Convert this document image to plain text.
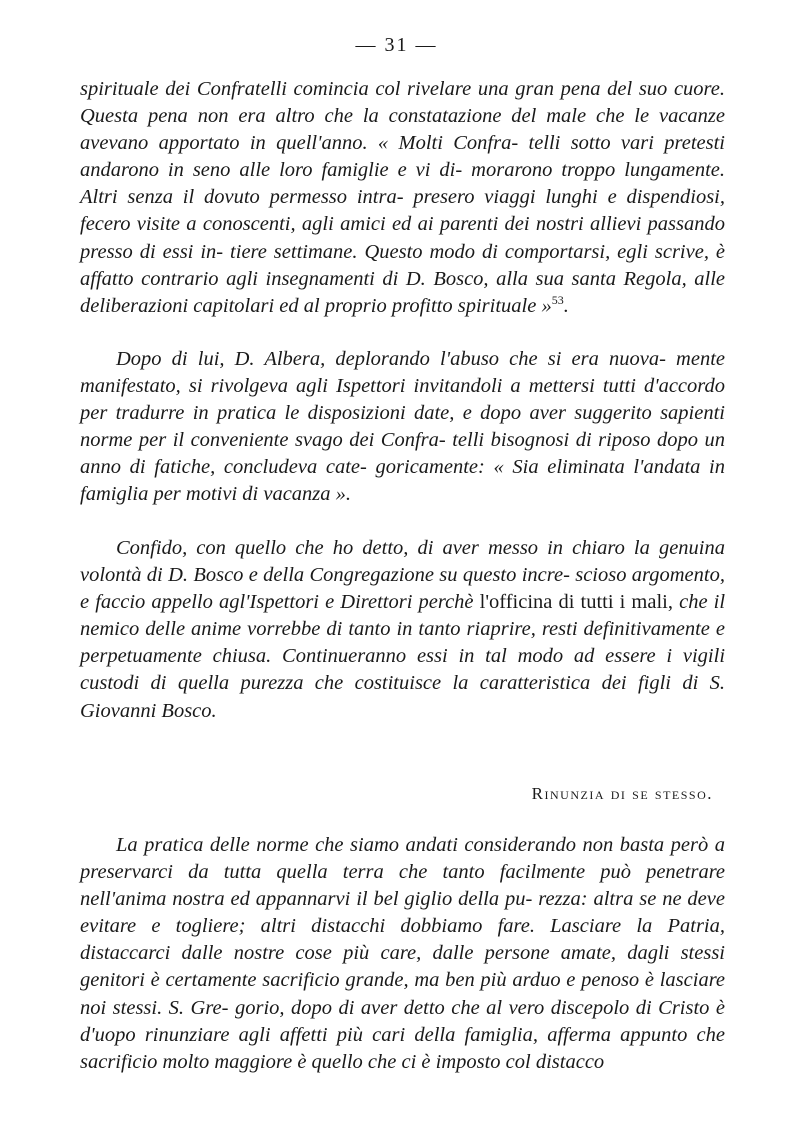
— 31 —

spirituale dei Confratelli comincia col rivelare una gran pena del suo cuore. Questa pena non era altro che la constatazione del male che le vacanze avevano apportato in quell'anno. « Molti Confra- telli sotto vari pretesti andarono in seno alle loro famiglie e vi di- morarono troppo lungamente. Altri senza il dovuto permesso intra- presero viaggi lunghi e dispendiosi, fecero visite a conoscenti, agli amici ed ai parenti dei nostri allievi passando presso di essi in- tiere settimane. Questo modo di comportarsi, egli scrive, è affatto contrario agli insegnamenti di D. Bosco, alla sua santa Regola, alle deliberazioni capitolari ed al proprio profitto spirituale »$^{53}$.

Dopo di lui, D. Albera, deplorando l'abuso che si era nuova- mente manifestato, si rivolgeva agli Ispettori invitandoli a mettersi tutti d'accordo per tradurre in pratica le disposizioni date, e dopo aver suggerito sapienti norme per il conveniente svago dei Confra- telli bisognosi di riposo dopo un anno di fatiche, concludeva cate- goricamente: « Sia eliminata l'andata in famiglia per motivi di vacanza ».

Confido, con quello che ho detto, di aver messo in chiaro la genuina volontà di D. Bosco e della Congregazione su questo incre- scioso argomento, e faccio appello agl'Ispettori e Direttori perchè l'officina di tutti i mali, che il nemico delle anime vorrebbe di tanto in tanto riaprire, resti definitivamente e perpetuamente chiusa. Continueranno essi in tal modo ad essere i vigili custodi di quella purezza che costituisce la caratteristica dei figli di S. Giovanni Bosco.

Rinunzia di se stesso.

La pratica delle norme che siamo andati considerando non basta però a preservarci da tutta quella terra che tanto facilmente può penetrare nell'anima nostra ed appannarvi il bel giglio della pu- rezza: altra se ne deve evitare e togliere; altri distacchi dobbiamo fare. Lasciare la Patria, distaccarci dalle nostre cose più care, dalle persone amate, dagli stessi genitori è certamente sacrificio grande, ma ben più arduo e penoso è lasciare noi stessi. S. Gre- gorio, dopo di aver detto che al vero discepolo di Cristo è d'uopo rinunziare agli affetti più cari della famiglia, afferma appunto che sacrificio molto maggiore è quello che ci è imposto col distacco
